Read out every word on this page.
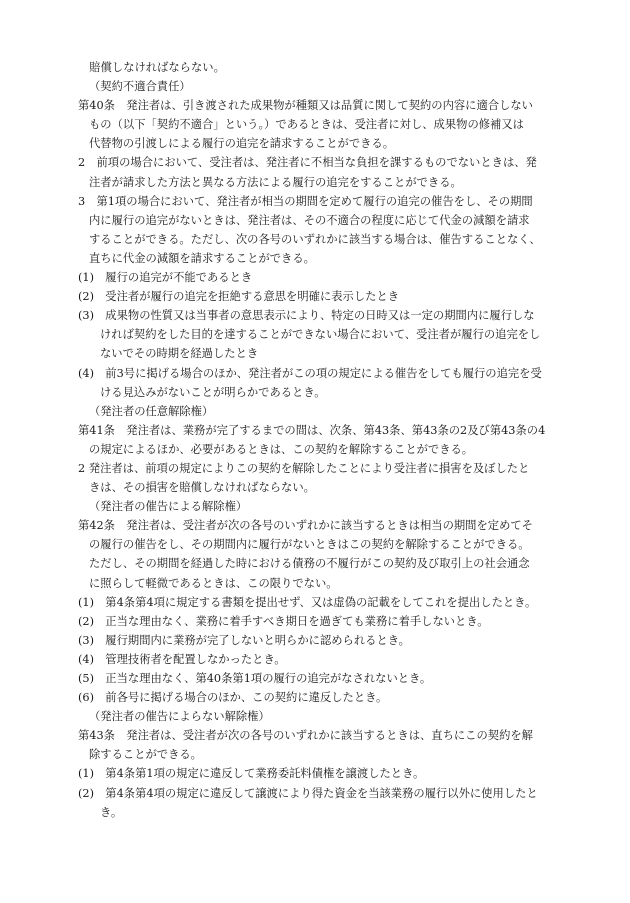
　賠償しなければならない。
（契約不適合責任）
第40条　発注者は、引き渡された成果物が種類又は品質に関して契約の内容に適合しない
もの（以下「契約不適合」という。）であるときは、受注者に対し、成果物の修補又は
代替物の引渡しによる履行の追完を請求することができる。
2　前項の場合において、受注者は、発注者に不相当な負担を課するものでないときは、発
注者が請求した方法と異なる方法による履行の追完をすることができる。
3　第1項の場合において、発注者が相当の期間を定めて履行の追完の催告をし、その期間
内に履行の追完がないときは、発注者は、その不適合の程度に応じて代金の減額を請求
することができる。ただし、次の各号のいずれかに該当する場合は、催告することなく、
直ちに代金の減額を請求することができる。
(1)　履行の追完が不能であるとき
(2)　受注者が履行の追完を拒絶する意思を明確に表示したとき
(3)　成果物の性質又は当事者の意思表示により、特定の日時又は一定の期間内に履行しな
ければ契約をした目的を達することができない場合において、受注者が履行の追完をし
ないでその時期を経過したとき
(4)　前3号に掲げる場合のほか、発注者がこの項の規定による催告をしても履行の追完を受
ける見込みがないことが明らかであるとき。
（発注者の任意解除権）
第41条　発注者は、業務が完了するまでの間は、次条、第43条、第43条の2及び第43条の4
の規定によるほか、必要があるときは、この契約を解除することができる。
2 発注者は、前項の規定によりこの契約を解除したことにより受注者に損害を及ぼしたと
きは、その損害を賠償しなければならない。
（発注者の催告による解除権）
第42条　発注者は、受注者が次の各号のいずれかに該当するときは相当の期間を定めてそ
の履行の催告をし、その期間内に履行がないときはこの契約を解除することができる。
ただし、その期間を経過した時における債務の不履行がこの契約及び取引上の社会通念
に照らして軽微であるときは、この限りでない。
(1)　第4条第4項に規定する書類を提出せず、又は虚偽の記載をしてこれを提出したとき。
(2)　正当な理由なく、業務に着手すべき期日を過ぎても業務に着手しないとき。
(3)　履行期間内に業務が完了しないと明らかに認められるとき。
(4)　管理技術者を配置しなかったとき。
(5)　正当な理由なく、第40条第1項の履行の追完がなされないとき。
(6)　前各号に掲げる場合のほか、この契約に違反したとき。
（発注者の催告によらない解除権）
第43条　発注者は、受注者が次の各号のいずれかに該当するときは、直ちにこの契約を解
除することができる。
(1)　第4条第1項の規定に違反して業務委託料債権を譲渡したとき。
(2)　第4条第4項の規定に違反して譲渡により得た資金を当該業務の履行以外に使用したと
き。
